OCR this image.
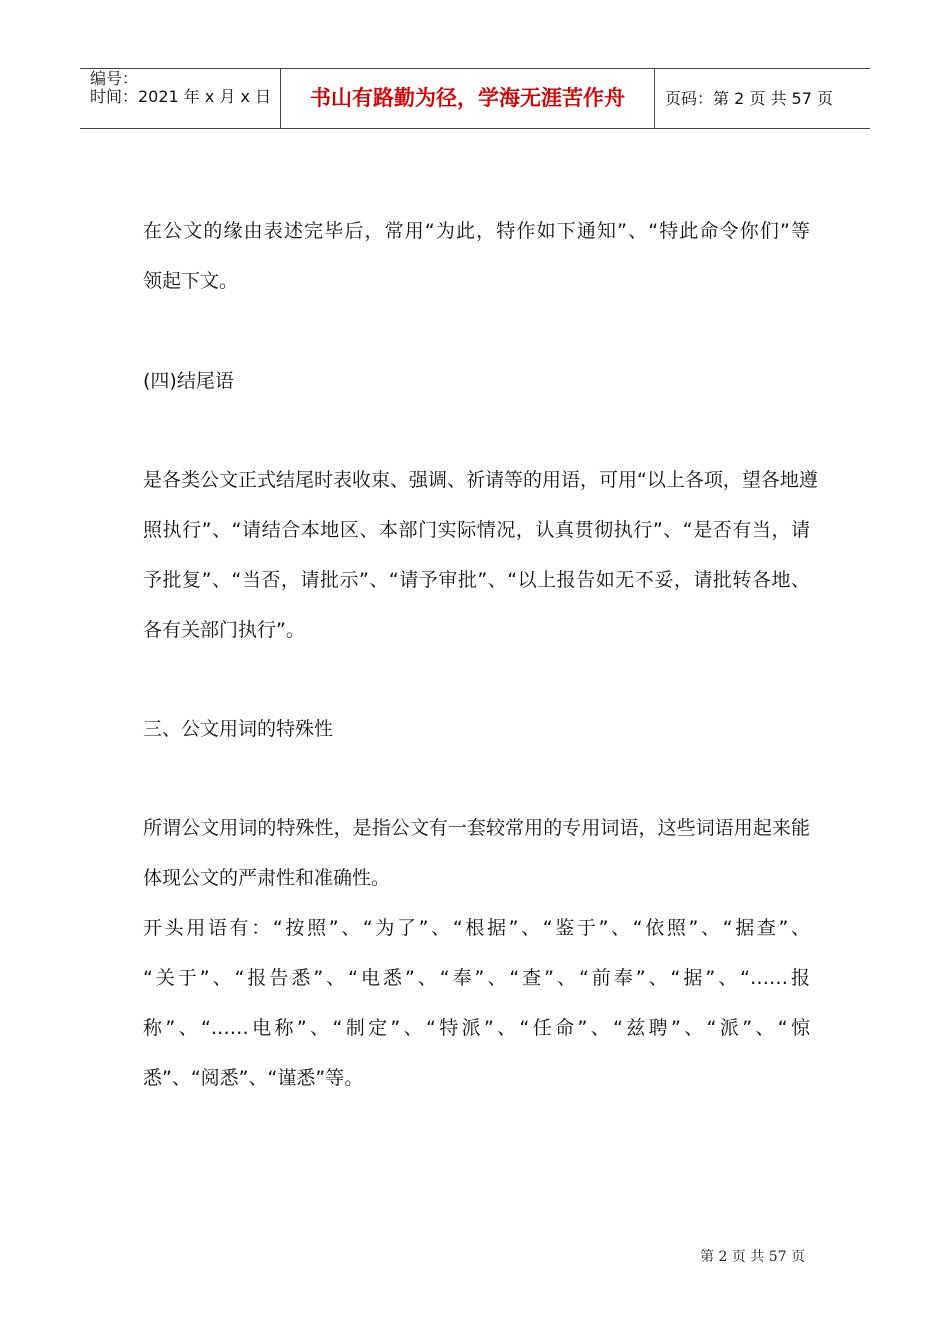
编号：
时间：2021 年 x 月 x 日	书山有路勤为径，学海无涯苦作舟	页码：第 2 页 共 57 页
在公文的缘由表述完毕后，常用“为此，特作如下通知”、“特此命令你们”等
领起下文。
(四)结尾语
是各类公文正式结尾时表收束、强调、祈请等的用语，可用“以上各项，望各地遵
照执行”、“请结合本地区、本部门实际情况，认真贯彻执行”、“是否有当，请
予批复”、“当否，请批示”、“请予审批”、“以上报告如无不妥，请批转各地、
各有关部门执行”。
三、公文用词的特殊性
所谓公文用词的特殊性，是指公文有一套较常用的专用词语，这些词语用起来能
体现公文的严肃性和准确性。
开头用语有：“按照”、“为了”、“根据”、“鉴于”、“依照”、“据查”、
“关于”、“报告悉”、“电悉”、“奉”、“查”、“前奉”、“据”、“……报
称”、“……电称”、“制定”、“特派”、“任命”、“兹聘”、“派”、“惊
悉”、“阅悉”、“谨悉”等。
第 2 页 共 57 页
